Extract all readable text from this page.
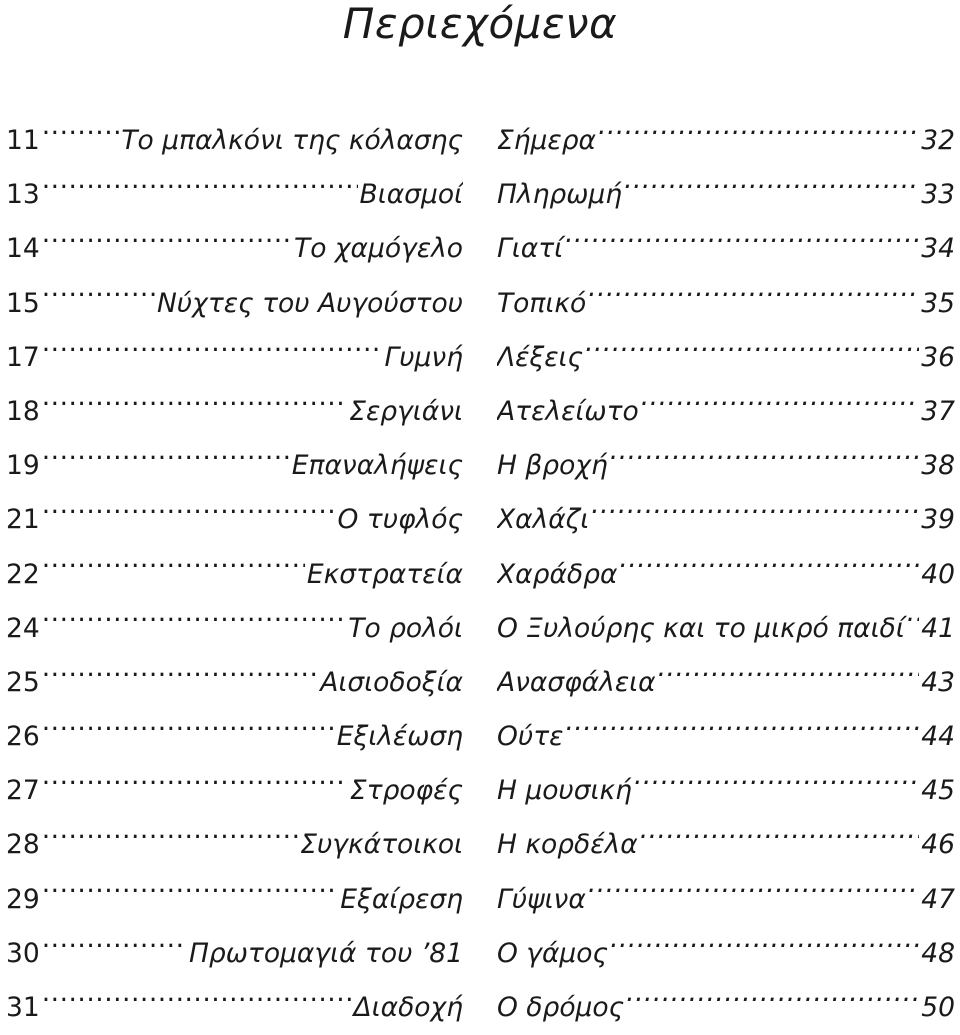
Περιεχόμενα
11 .....	Το μπαλκόνι της κόλασης
13 .....	Βιασμοί
14 .....	Το χαμόγελο
15 .....	Νύχτες του Αυγούστου
17 .....	Γυμνή
18 .....	Σεργιάνι
19 .....	Επαναλήψεις
21 .....	Ο τυφλός
22 .....	Εκστρατεία
24 .....	Το ρολόι
25 .....	Αισιοδοξία
26 .....	Εξιλέωση
27 .....	Στροφές
28 .....	Συγκάτοικοι
29 .....	Εξαίρεση
30 .....	Πρωτομαγιά του ’81
31 .....	Διαδοχή
Σήμερα .....	32
Πληρωμή .....	33
Γιατί .....	34
Τοπικό .....	35
Λέξεις .....	36
Ατελείωτο .....	37
Η βροχή .....	38
Χαλάζι .....	39
Χαράδρα .....	40
Ο Ξυλούρης και το μικρό παιδί ..... 41
Ανασφάλεια .....	43
Ούτε .....	44
Η μουσική .....	45
Η κορδέλα .....	46
Γύψινα .....	47
Ο γάμος .....	48
Ο δρόμος .....	50
